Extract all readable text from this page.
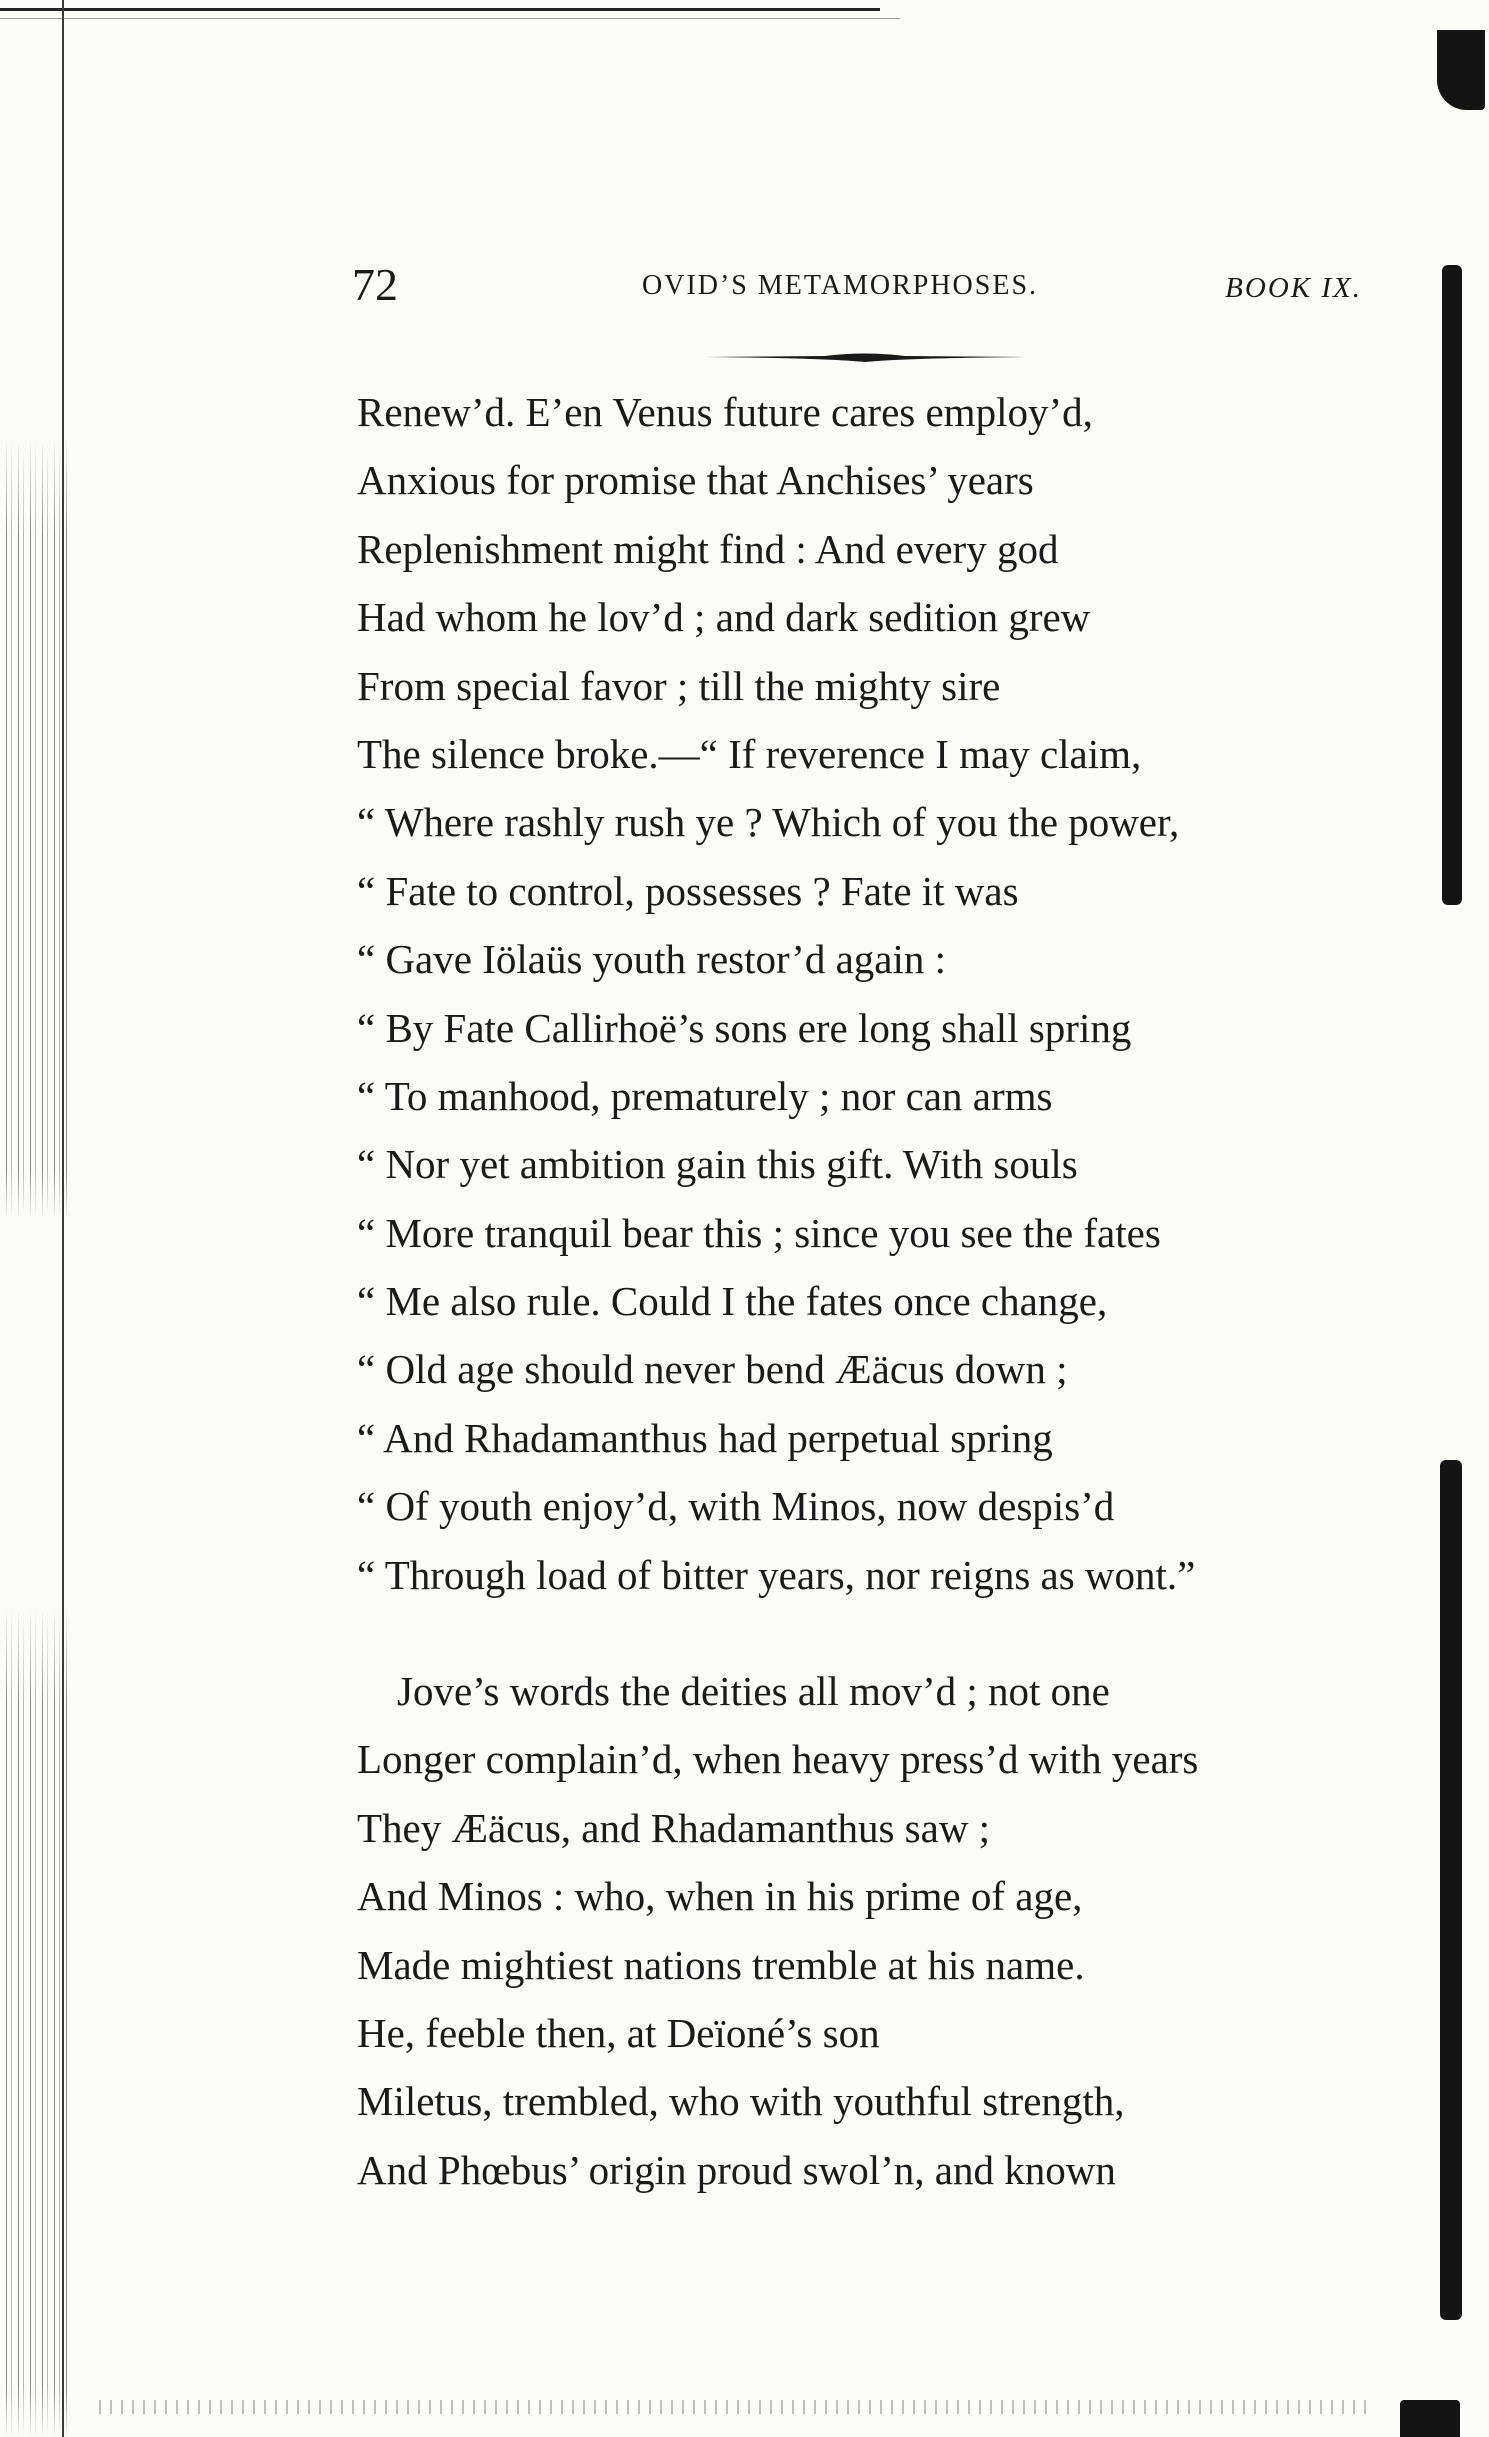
72	OVID’S METAMORPHOSES.	BOOK IX.
Renew’d. E’en Venus future cares employ’d,
Anxious for promise that Anchises’ years
Replenishment might find : And every god
Had whom he lov’d ; and dark sedition grew
From special favor ; till the mighty sire
The silence broke.—“ If reverence I may claim,
“ Where rashly rush ye ? Which of you the power,
“ Fate to control, possesses ? Fate it was
“ Gave Iölaüs youth restor’d again :
“ By Fate Callirhoë’s sons ere long shall spring
“ To manhood, prematurely ; nor can arms
“ Nor yet ambition gain this gift. With souls
“ More tranquil bear this ; since you see the fates
“ Me also rule. Could I the fates once change,
“ Old age should never bend Æäcus down ;
“ And Rhadamanthus had perpetual spring
“ Of youth enjoy’d, with Minos, now despis’d
“ Through load of bitter years, nor reigns as wont.”
Jove’s words the deities all mov’d ; not one
Longer complain’d, when heavy press’d with years
They Æäcus, and Rhadamanthus saw ;
And Minos : who, when in his prime of age,
Made mightiest nations tremble at his name.
He, feeble then, at Deïoné’s son
Miletus, trembled, who with youthful strength,
And Phœbus’ origin proud swol’n, and known
